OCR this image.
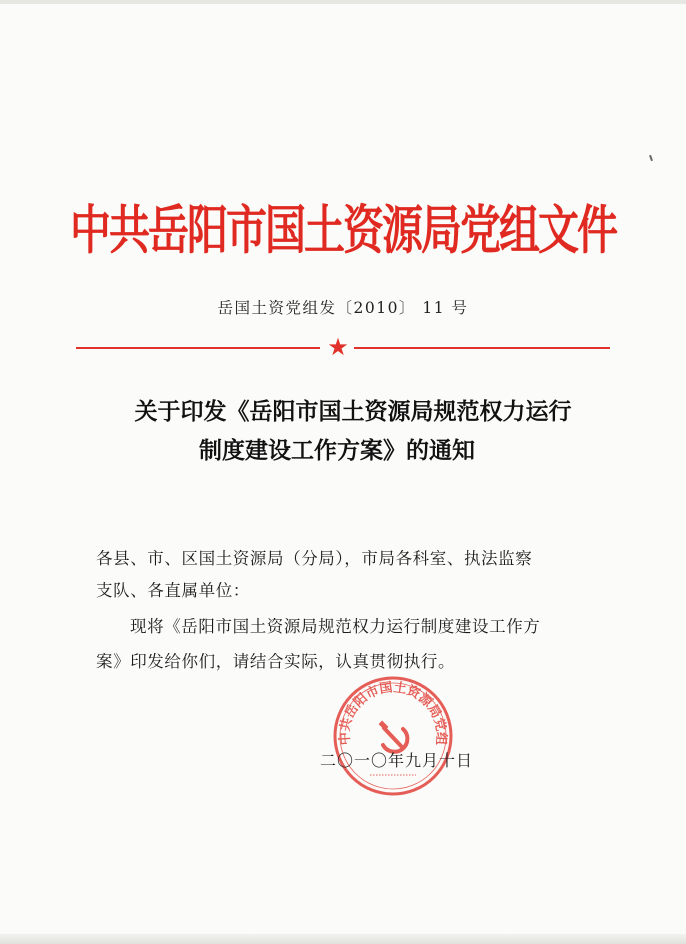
中共岳阳市国土资源局党组文件
岳国土资党组发〔2010〕 11 号
★
关于印发《岳阳市国土资源局规范权力运行
制度建设工作方案》的通知
各县、市、区国土资源局（分局），市局各科室、执法监察
支队、各直属单位：
现将《岳阳市国土资源局规范权力运行制度建设工作方
案》印发给你们，请结合实际，认真贯彻执行。
中共岳阳市国土资源局党组
二〇一〇年九月十日
